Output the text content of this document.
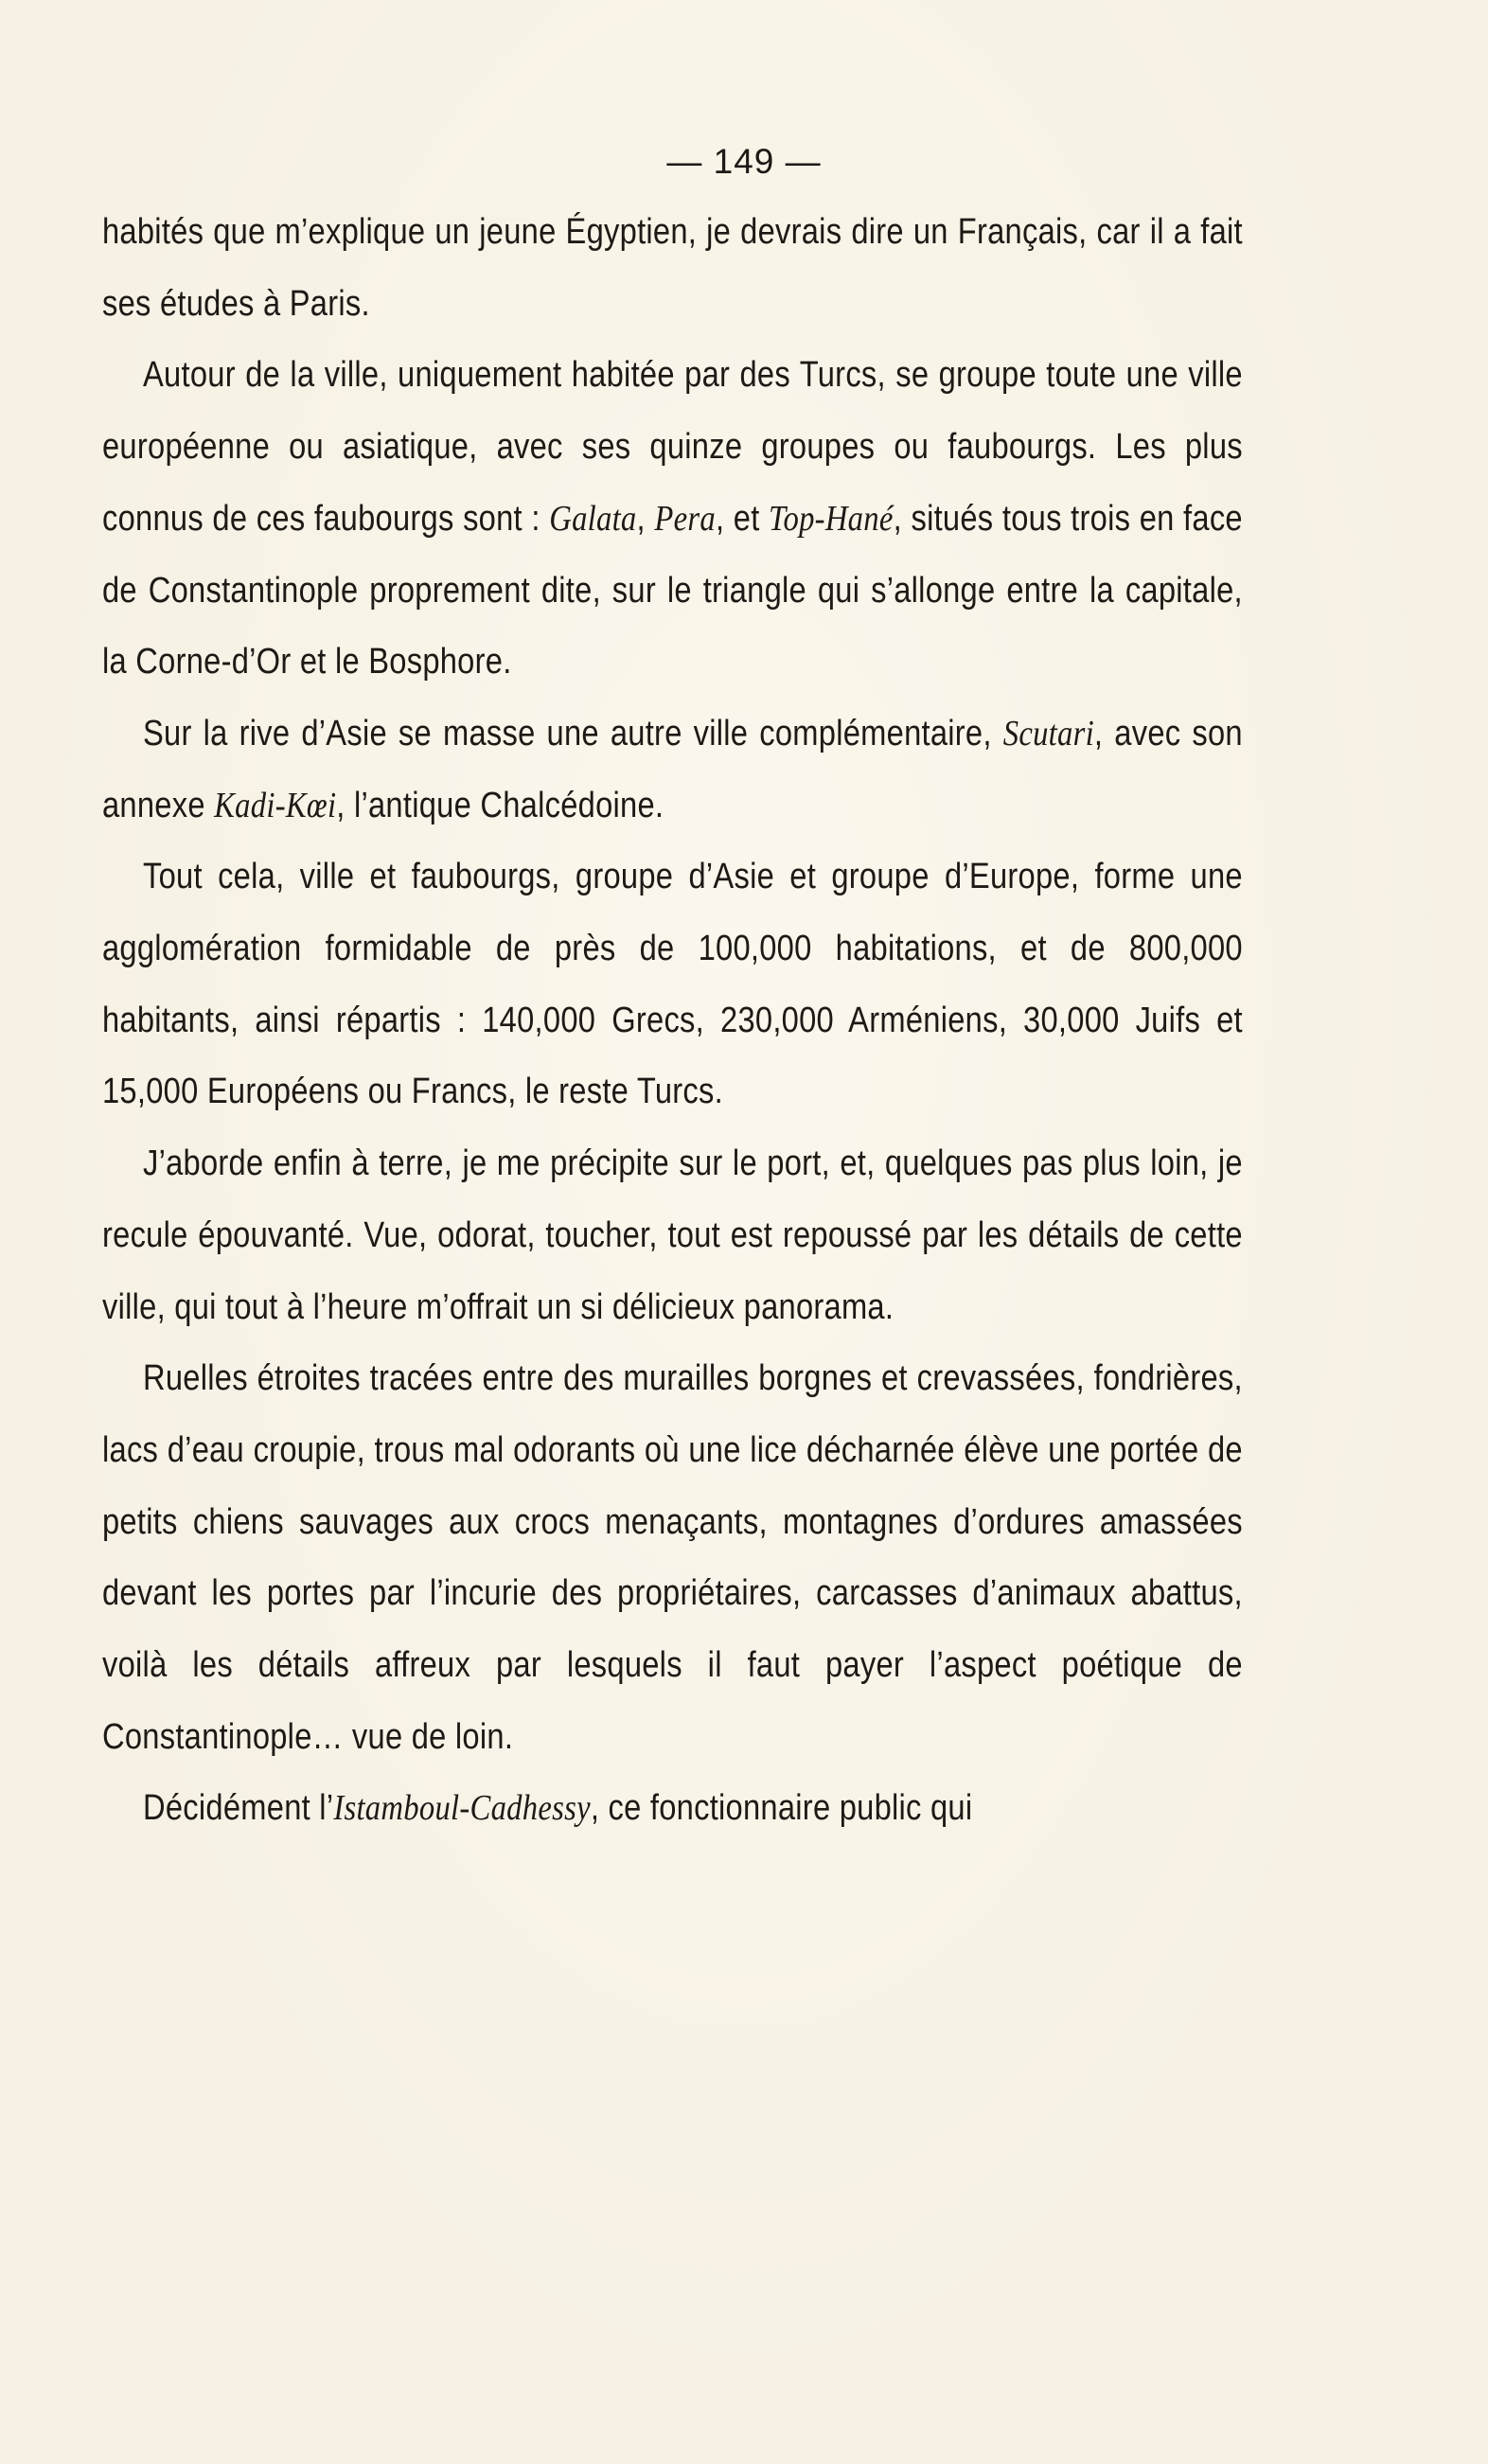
— 149 —

habités que m’explique un jeune Égyptien, je devrais dire un Français, car il a fait ses études à Paris.

Autour de la ville, uniquement habitée par des Turcs, se groupe toute une ville européenne ou asiatique, avec ses quinze groupes ou faubourgs. Les plus connus de ces faubourgs sont : Galata, Pera, et Top-Hané, situés tous trois en face de Constantinople proprement dite, sur le triangle qui s’allonge entre la capitale, la Corne-d’Or et le Bosphore.

Sur la rive d’Asie se masse une autre ville complémentaire, Scutari, avec son annexe Kadi-Kœi, l’antique Chalcédoine.

Tout cela, ville et faubourgs, groupe d’Asie et groupe d’Europe, forme une agglomération formidable de près de 100,000 habitations, et de 800,000 habitants, ainsi répartis : 140,000 Grecs, 230,000 Arméniens, 30,000 Juifs et 15,000 Européens ou Francs, le reste Turcs.

J’aborde enfin à terre, je me précipite sur le port, et, quelques pas plus loin, je recule épouvanté. Vue, odorat, toucher, tout est repoussé par les détails de cette ville, qui tout à l’heure m’offrait un si délicieux panorama.

Ruelles étroites tracées entre des murailles borgnes et crevassées, fondrières, lacs d’eau croupie, trous mal odorants où une lice décharnée élève une portée de petits chiens sauvages aux crocs menaçants, montagnes d’ordures amassées devant les portes par l’incurie des propriétaires, carcasses d’animaux abattus, voilà les détails affreux par lesquels il faut payer l’aspect poétique de Constantinople… vue de loin.

Décidément l’Istamboul-Cadhessy, ce fonctionnaire public qui
